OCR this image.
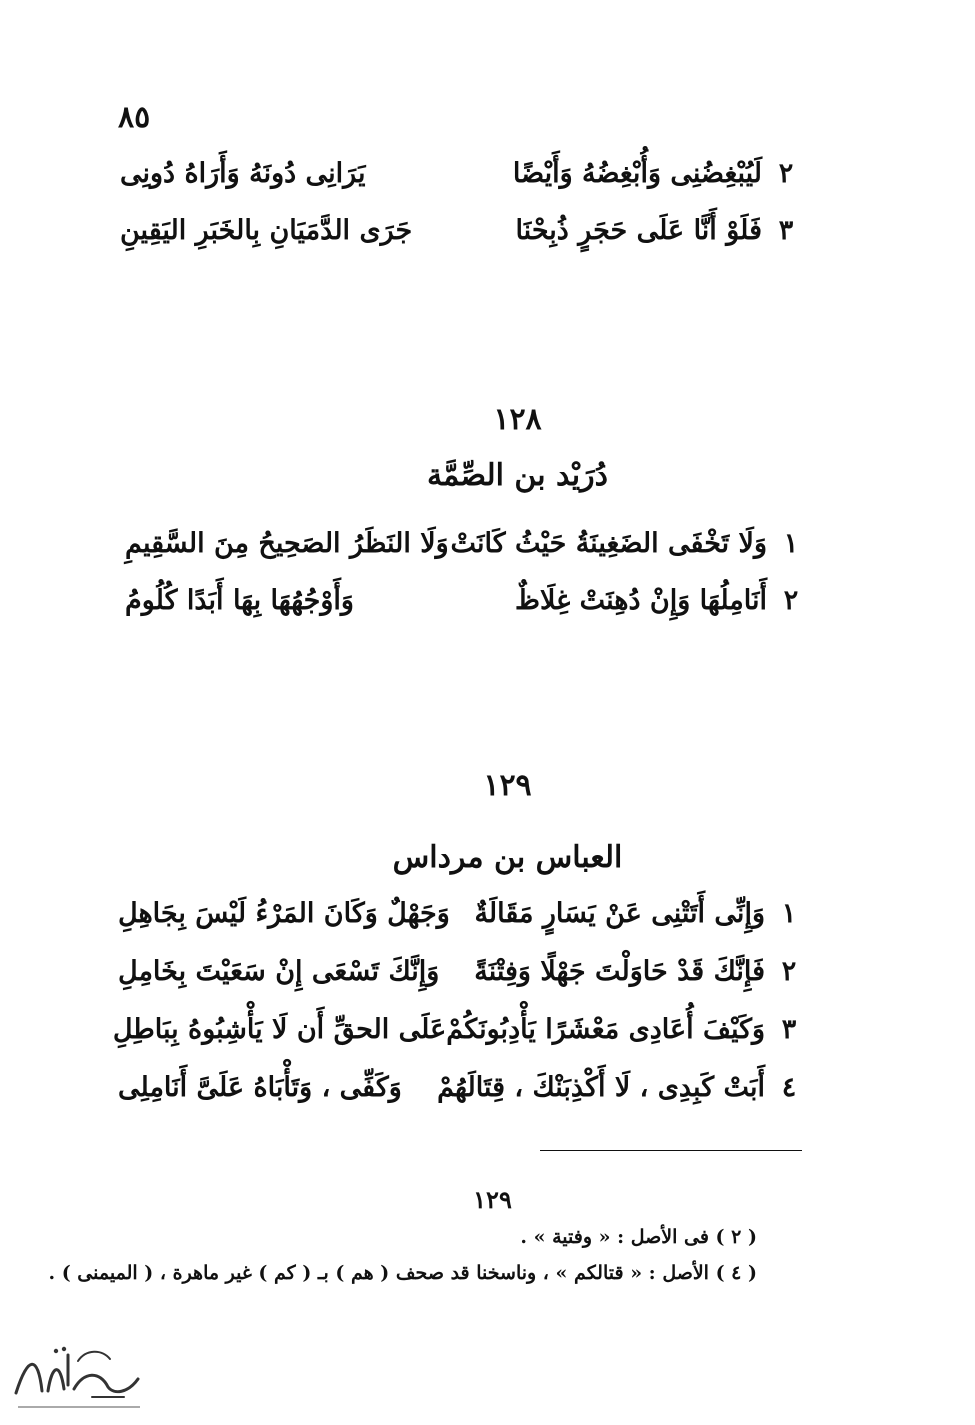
٨٥
٢
لَيُبْغِضُنِى وَأُبْغِضُهُ وَأَيْضًا
يَرَانِى دُونَهُ وَأَرَاهُ دُونِى
٣
فَلَوْ أَنَّا عَلَى حَجَرٍ ذُبِحْنَا
جَرَى الدَّمَيَانِ بِالخَبَرِ اليَقِينِ
١٢٨
دُرَيْد بن الصِّمَّة
١
وَلَا تَخْفَى الضَغِينَةُ حَيْثُ كَانَتْ
وَلَا النَظَرُ الصَحِيحُ مِنَ السَّقِيمِ
٢
أَنَامِلُهَا وَإِنْ دُهِنَتْ غِلَاظٌ
وَأَوْجُهُهَا بِهَا أَبَدًا كُلُومُ
١٢٩
العباس بن مرداس
١
وَإِنِّى أَتَتْنِى عَنْ يَسَارٍ مَقَالَةٌ
وَجَهْلٌ وَكَانَ المَرْءُ لَيْسَ بِجَاهِلِ
٢
فَإِنَّكَ قَدْ حَاوَلْتَ جَهْلًا وَفِتْنَةً
وَإِنَّكَ تَسْعَى إِنْ سَعَيْتَ بِخَامِلِ
٣
وَكَيْفَ أُعَادِى مَعْشَرًا يَأْدِبُونَكُمْ
عَلَى الحقِّ أَن لَا يَأْشِبُوهُ بِبَاطِلِ
٤
أَبَتْ كَبِدِى ، لَا أَكْذِبَنْكَ ، قِتَالَهُمْ
وَكَفِّى ، وَتَأْبَاهُ عَلَىَّ أَنَامِلِى
١٢٩
( ٢ ) فى الأصل : « وفتية » .
( ٤ ) الأصل : « قتالكم » ، وناسخنا قد صحف ( هم ) بـ ( كم ) غير ماهرة ، ( الميمنى ) .
